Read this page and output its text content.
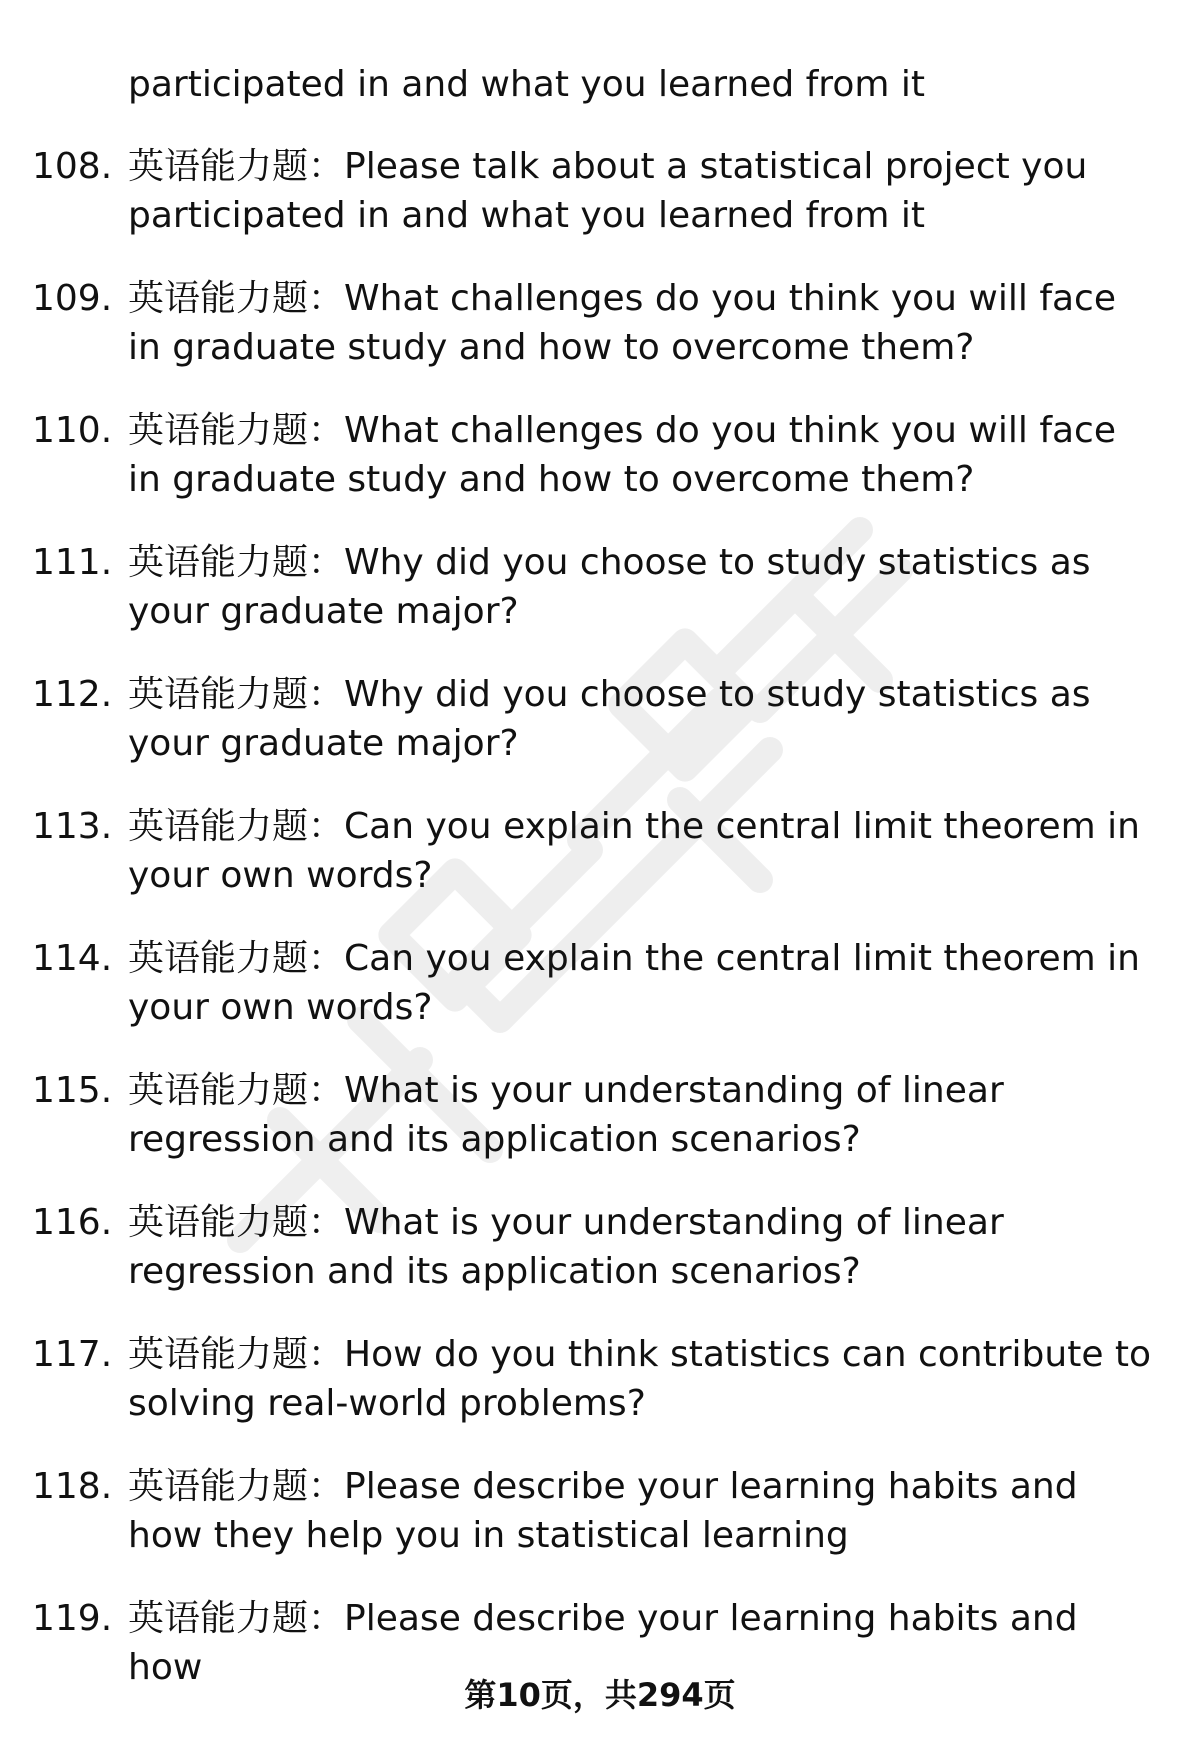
participated in and what you learned from it
108. 英语能力题：Please talk about a statistical project you participated in and what you learned from it
109. 英语能力题：What challenges do you think you will face in graduate study and how to overcome them?
110. 英语能力题：What challenges do you think you will face in graduate study and how to overcome them?
111. 英语能力题：Why did you choose to study statistics as your graduate major?
112. 英语能力题：Why did you choose to study statistics as your graduate major?
113. 英语能力题：Can you explain the central limit theorem in your own words?
114. 英语能力题：Can you explain the central limit theorem in your own words?
115. 英语能力题：What is your understanding of linear regression and its application scenarios?
116. 英语能力题：What is your understanding of linear regression and its application scenarios?
117. 英语能力题：How do you think statistics can contribute to solving real-world problems?
118. 英语能力题：Please describe your learning habits and how they help you in statistical learning
119. 英语能力题：Please describe your learning habits and how
第10页，共294页
